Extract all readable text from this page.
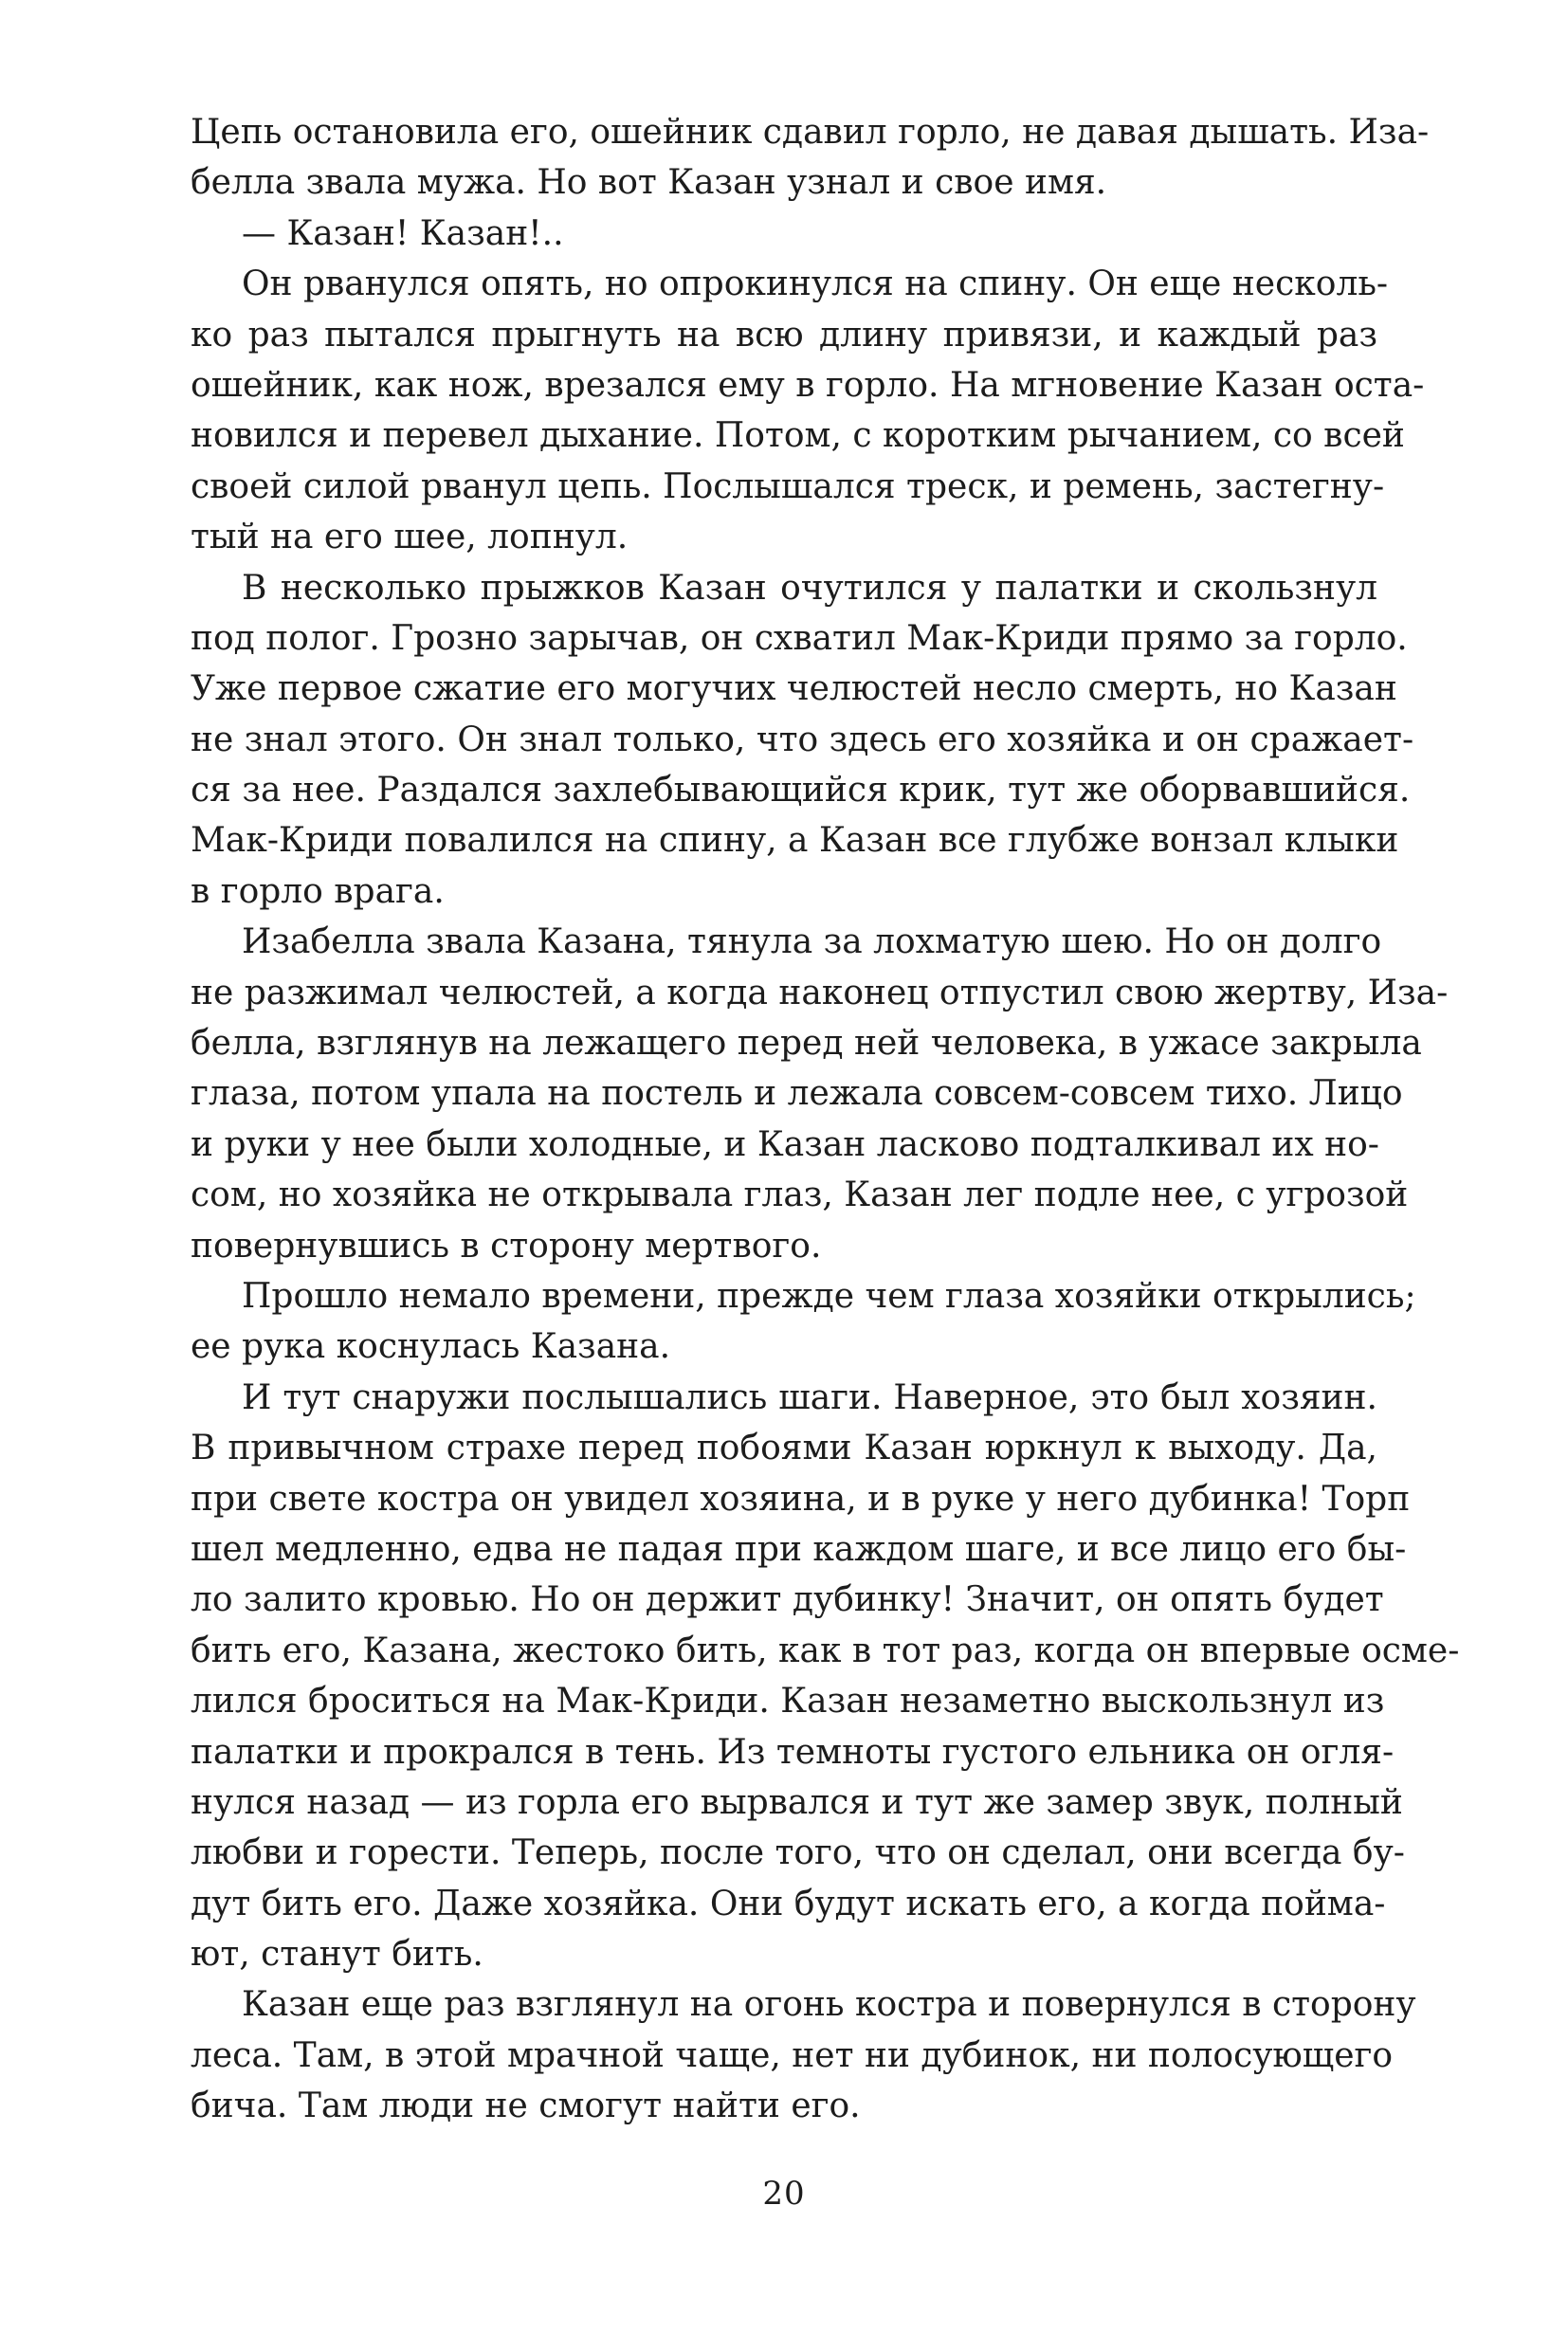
Цепь остановила его, ошейник сдавил горло, не давая дышать. Иза-
белла звала мужа. Но вот Казан узнал и свое имя.
— Казан! Казан!..
Он рванулся опять, но опрокинулся на спину. Он еще несколь-
ко раз пытался прыгнуть на всю длину привязи, и каждый раз
ошейник, как нож, врезался ему в горло. На мгновение Казан оста-
новился и перевел дыхание. Потом, с коротким рычанием, со всей
своей силой рванул цепь. Послышался треск, и ремень, застегну-
тый на его шее, лопнул.
В несколько прыжков Казан очутился у палатки и скользнул
под полог. Грозно зарычав, он схватил Мак-Криди прямо за горло.
Уже первое сжатие его могучих челюстей несло смерть, но Казан
не знал этого. Он знал только, что здесь его хозяйка и он сражает-
ся за нее. Раздался захлебывающийся крик, тут же оборвавшийся.
Мак-Криди повалился на спину, а Казан все глубже вонзал клыки
в горло врага.
Изабелла звала Казана, тянула за лохматую шею. Но он долго
не разжимал челюстей, а когда наконец отпустил свою жертву, Иза-
белла, взглянув на лежащего перед ней человека, в ужасе закрыла
глаза, потом упала на постель и лежала совсем-совсем тихо. Лицо
и руки у нее были холодные, и Казан ласково подталкивал их но-
сом, но хозяйка не открывала глаз, Казан лег подле нее, с угрозой
повернувшись в сторону мертвого.
Прошло немало времени, прежде чем глаза хозяйки открылись;
ее рука коснулась Казана.
И тут снаружи послышались шаги. Наверное, это был хозяин.
В привычном страхе перед побоями Казан юркнул к выходу. Да,
при свете костра он увидел хозяина, и в руке у него дубинка! Торп
шел медленно, едва не падая при каждом шаге, и все лицо его бы-
ло залито кровью. Но он держит дубинку! Значит, он опять будет
бить его, Казана, жестоко бить, как в тот раз, когда он впервые осме-
лился броситься на Мак-Криди. Казан незаметно выскользнул из
палатки и прокрался в тень. Из темноты густого ельника он огля-
нулся назад — из горла его вырвался и тут же замер звук, полный
любви и горести. Теперь, после того, что он сделал, они всегда бу-
дут бить его. Даже хозяйка. Они будут искать его, а когда пойма-
ют, станут бить.
Казан еще раз взглянул на огонь костра и повернулся в сторону
леса. Там, в этой мрачной чаще, нет ни дубинок, ни полосующего
бича. Там люди не смогут найти его.
20
